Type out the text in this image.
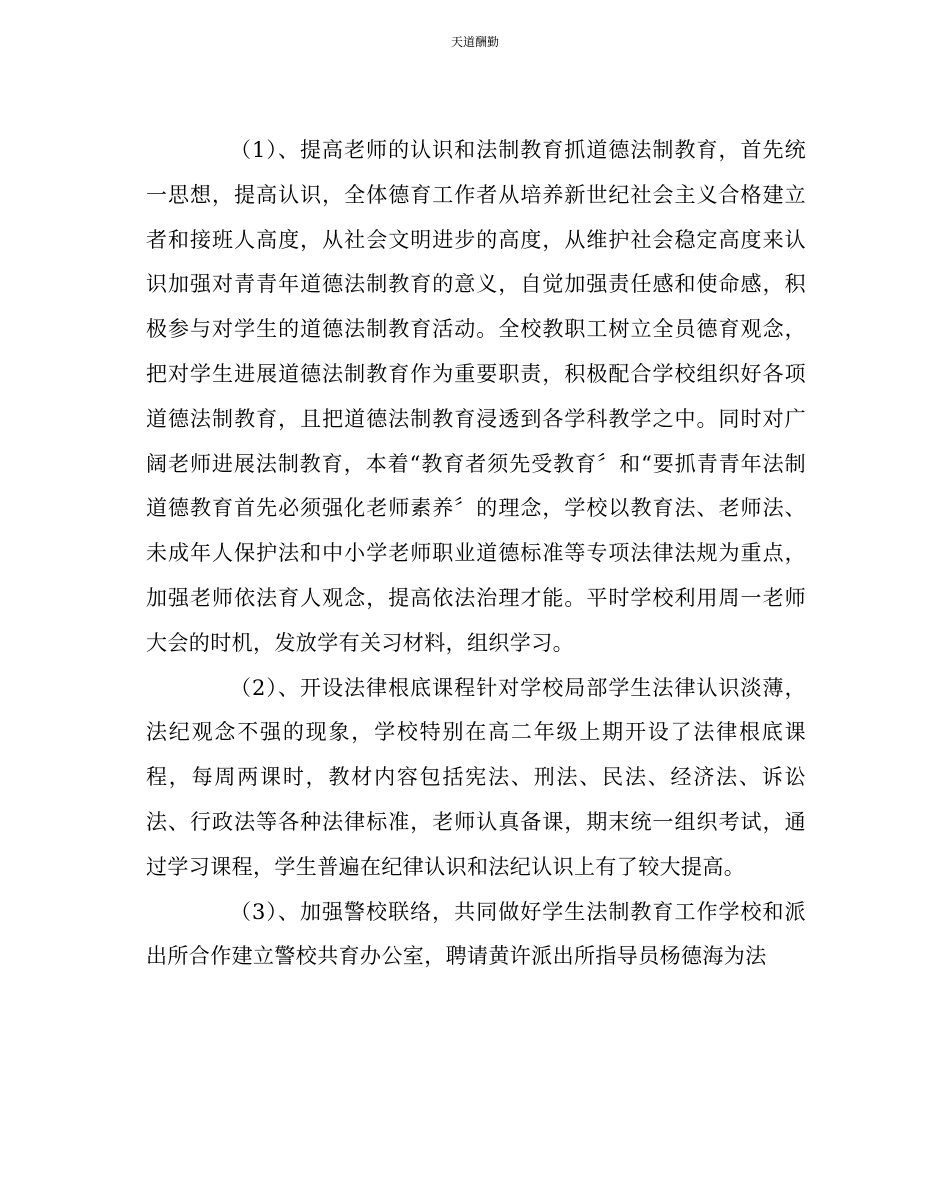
天道酬勤

（1）、提高老师的认识和法制教育抓道德法制教育，首先统一思想，提高认识，全体德育工作者从培养新世纪社会主义合格建立者和接班人高度，从社会文明进步的高度，从维护社会稳定高度来认识加强对青青年道德法制教育的意义，自觉加强责任感和使命感，积极参与对学生的道德法制教育活动。全校教职工树立全员德育观念，把对学生进展道德法制教育作为重要职责，积极配合学校组织好各项道德法制教育，且把道德法制教育浸透到各学科教学之中。同时对广阔老师进展法制教育，本着“教育者须先受教育〞和“要抓青青年法制道德教育首先必须强化老师素养〞的理念，学校以教育法、老师法、未成年人保护法和中小学老师职业道德标准等专项法律法规为重点，加强老师依法育人观念，提高依法治理才能。平时学校利用周一老师大会的时机，发放学有关习材料，组织学习。

（2）、开设法律根底课程针对学校局部学生法律认识淡薄，法纪观念不强的现象，学校特别在高二年级上期开设了法律根底课程，每周两课时，教材内容包括宪法、刑法、民法、经济法、诉讼法、行政法等各种法律标准，老师认真备课，期末统一组织考试，通过学习课程，学生普遍在纪律认识和法纪认识上有了较大提高。

（3）、加强警校联络，共同做好学生法制教育工作学校和派出所合作建立警校共育办公室，聘请黄许派出所指导员杨德海为法
